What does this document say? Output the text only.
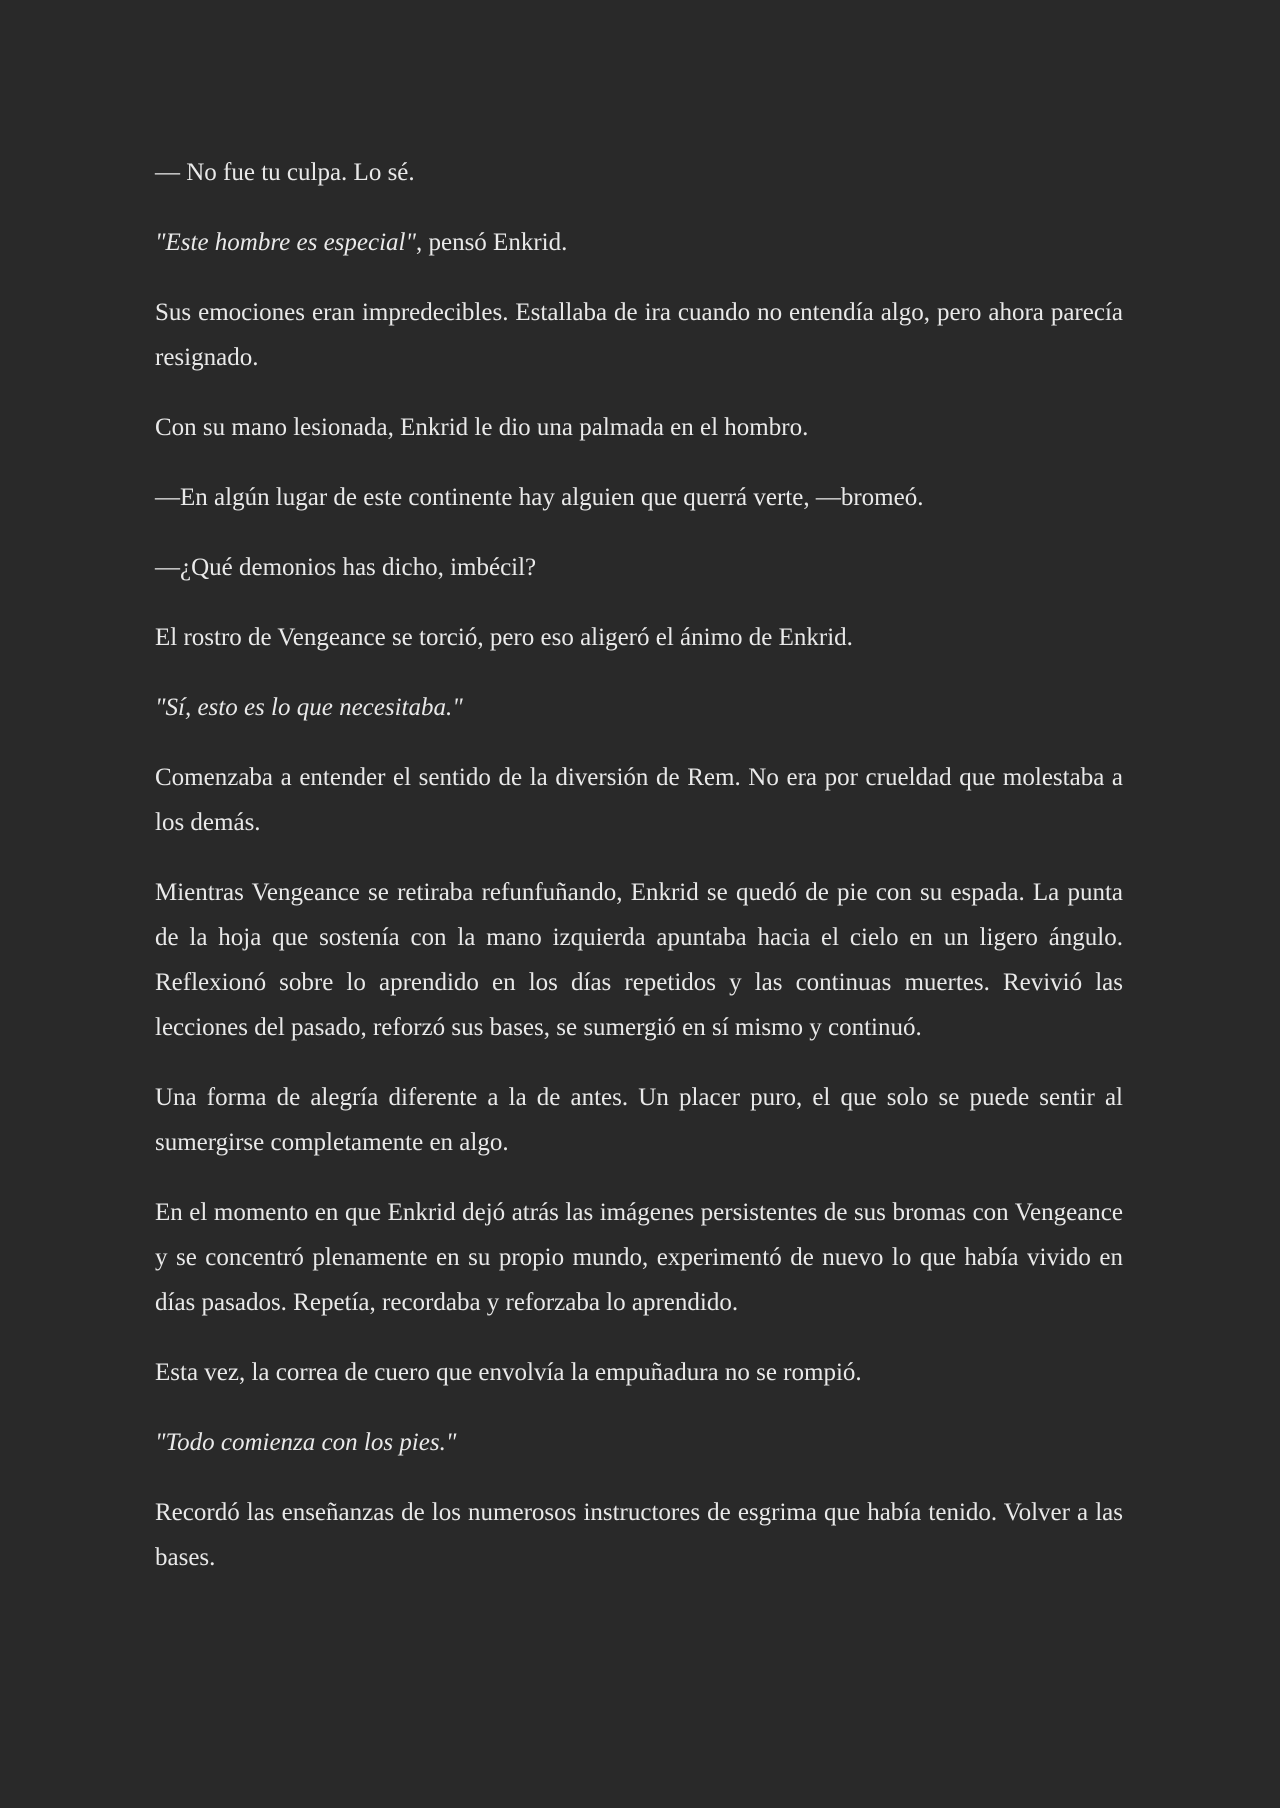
— No fue tu culpa. Lo sé.

"Este hombre es especial", pensó Enkrid.

Sus emociones eran impredecibles. Estallaba de ira cuando no entendía algo, pero ahora parecía resignado.

Con su mano lesionada, Enkrid le dio una palmada en el hombro.

—En algún lugar de este continente hay alguien que querrá verte, —bromeó.

—¿Qué demonios has dicho, imbécil?

El rostro de Vengeance se torció, pero eso aligeró el ánimo de Enkrid.

"Sí, esto es lo que necesitaba."

Comenzaba a entender el sentido de la diversión de Rem. No era por crueldad que molestaba a los demás.

Mientras Vengeance se retiraba refunfuñando, Enkrid se quedó de pie con su espada. La punta de la hoja que sostenía con la mano izquierda apuntaba hacia el cielo en un ligero ángulo. Reflexionó sobre lo aprendido en los días repetidos y las continuas muertes. Revivió las lecciones del pasado, reforzó sus bases, se sumergió en sí mismo y continuó.

Una forma de alegría diferente a la de antes. Un placer puro, el que solo se puede sentir al sumergirse completamente en algo.

En el momento en que Enkrid dejó atrás las imágenes persistentes de sus bromas con Vengeance y se concentró plenamente en su propio mundo, experimentó de nuevo lo que había vivido en días pasados. Repetía, recordaba y reforzaba lo aprendido.

Esta vez, la correa de cuero que envolvía la empuñadura no se rompió.

"Todo comienza con los pies."

Recordó las enseñanzas de los numerosos instructores de esgrima que había tenido. Volver a las bases.
